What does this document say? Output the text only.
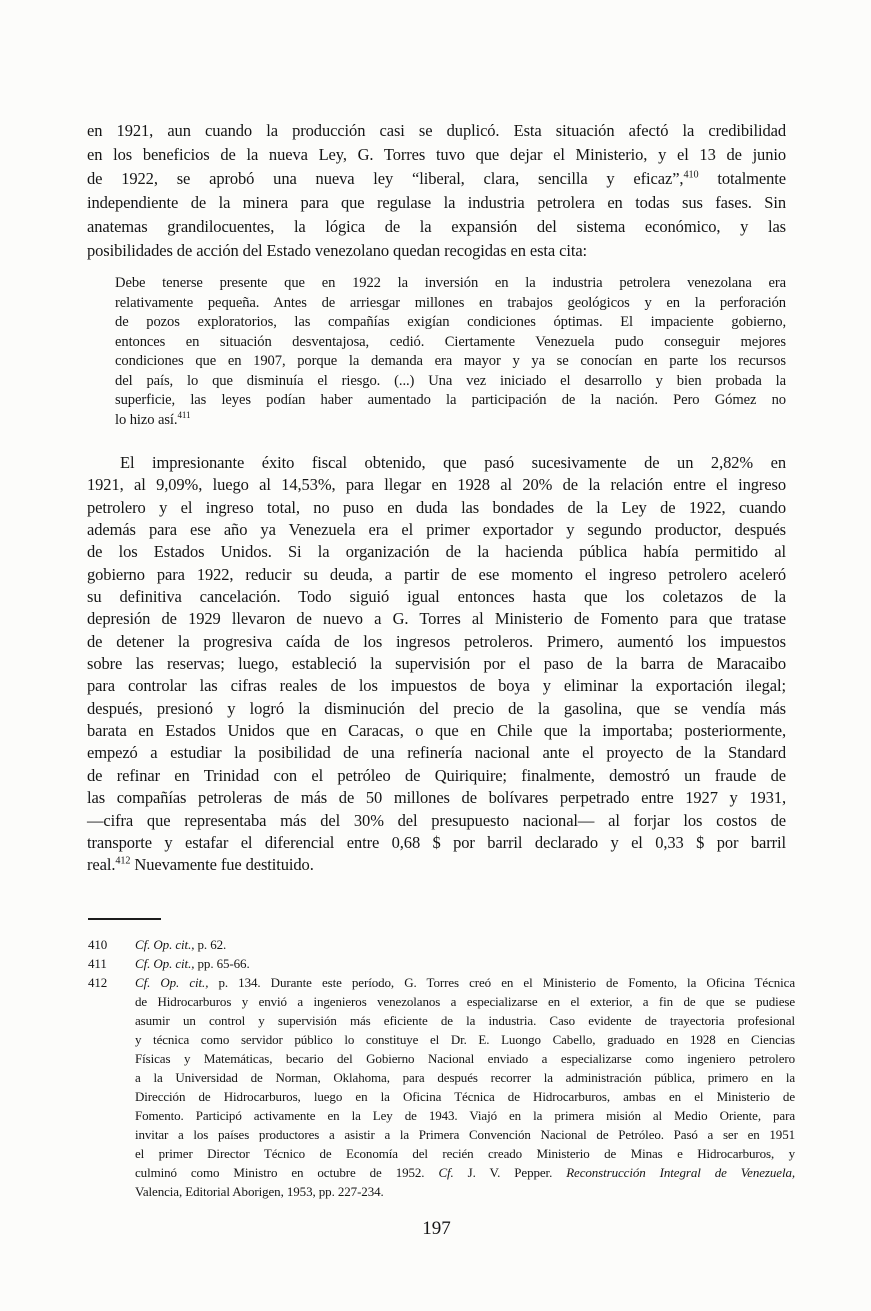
en 1921, aun cuando la producción casi se duplicó. Esta situación afectó la credibilidad
en los beneficios de la nueva Ley, G. Torres tuvo que dejar el Ministerio, y el 13 de junio
de 1922, se aprobó una nueva ley “liberal, clara, sencilla y eficaz”,$^{410}$ totalmente
independiente de la minera para que regulase la industria petrolera en todas sus fases. Sin
anatemas grandilocuentes, la lógica de la expansión del sistema económico, y las
posibilidades de acción del Estado venezolano quedan recogidas en esta cita:
Debe tenerse presente que en 1922 la inversión en la industria petrolera venezolana era
relativamente pequeña. Antes de arriesgar millones en trabajos geológicos y en la perforación
de pozos exploratorios, las compañías exigían condiciones óptimas. El impaciente gobierno,
entonces en situación desventajosa, cedió. Ciertamente Venezuela pudo conseguir mejores
condiciones que en 1907, porque la demanda era mayor y ya se conocían en parte los recursos
del país, lo que disminuía el riesgo. (...) Una vez iniciado el desarrollo y bien probada la
superficie, las leyes podían haber aumentado la participación de la nación. Pero Gómez no
lo hizo así.$^{411}$
El impresionante éxito fiscal obtenido, que pasó sucesivamente de un 2,82% en
1921, al 9,09%, luego al 14,53%, para llegar en 1928 al 20% de la relación entre el ingreso
petrolero y el ingreso total, no puso en duda las bondades de la Ley de 1922, cuando
además para ese año ya Venezuela era el primer exportador y segundo productor, después
de los Estados Unidos. Si la organización de la hacienda pública había permitido al
gobierno para 1922, reducir su deuda, a partir de ese momento el ingreso petrolero aceleró
su definitiva cancelación. Todo siguió igual entonces hasta que los coletazos de la
depresión de 1929 llevaron de nuevo a G. Torres al Ministerio de Fomento para que tratase
de detener la progresiva caída de los ingresos petroleros. Primero, aumentó los impuestos
sobre las reservas; luego, estableció la supervisión por el paso de la barra de Maracaibo
para controlar las cifras reales de los impuestos de boya y eliminar la exportación ilegal;
después, presionó y logró la disminución del precio de la gasolina, que se vendía más
barata en Estados Unidos que en Caracas, o que en Chile que la importaba; posteriormente,
empezó a estudiar la posibilidad de una refinería nacional ante el proyecto de la Standard
de refinar en Trinidad con el petróleo de Quiriquire; finalmente, demostró un fraude de
las compañías petroleras de más de 50 millones de bolívares perpetrado entre 1927 y 1931,
—cifra que representaba más del 30% del presupuesto nacional— al forjar los costos de
transporte y estafar el diferencial entre 0,68 $ por barril declarado y el 0,33 $ por barril
real.$^{412}$ Nuevamente fue destituido.
410	Cf. Op. cit., p. 62.
411	Cf. Op. cit., pp. 65-66.
412	Cf. Op. cit., p. 134. Durante este período, G. Torres creó en el Ministerio de Fomento, la Oficina Técnica
de Hidrocarburos y envió a ingenieros venezolanos a especializarse en el exterior, a fin de que se pudiese
asumir un control y supervisión más eficiente de la industria. Caso evidente de trayectoria profesional
y técnica como servidor público lo constituye el Dr. E. Luongo Cabello, graduado en 1928 en Ciencias
Físicas y Matemáticas, becario del Gobierno Nacional enviado a especializarse como ingeniero petrolero
a la Universidad de Norman, Oklahoma, para después recorrer la administración pública, primero en la
Dirección de Hidrocarburos, luego en la Oficina Técnica de Hidrocarburos, ambas en el Ministerio de
Fomento. Participó activamente en la Ley de 1943. Viajó en la primera misión al Medio Oriente, para
invitar a los países productores a asistir a la Primera Convención Nacional de Petróleo. Pasó a ser en 1951
el primer Director Técnico de Economía del recién creado Ministerio de Minas e Hidrocarburos, y
culminó como Ministro en octubre de 1952. Cf. J. V. Pepper. Reconstrucción Integral de Venezuela,
Valencia, Editorial Aborigen, 1953, pp. 227-234.
197
